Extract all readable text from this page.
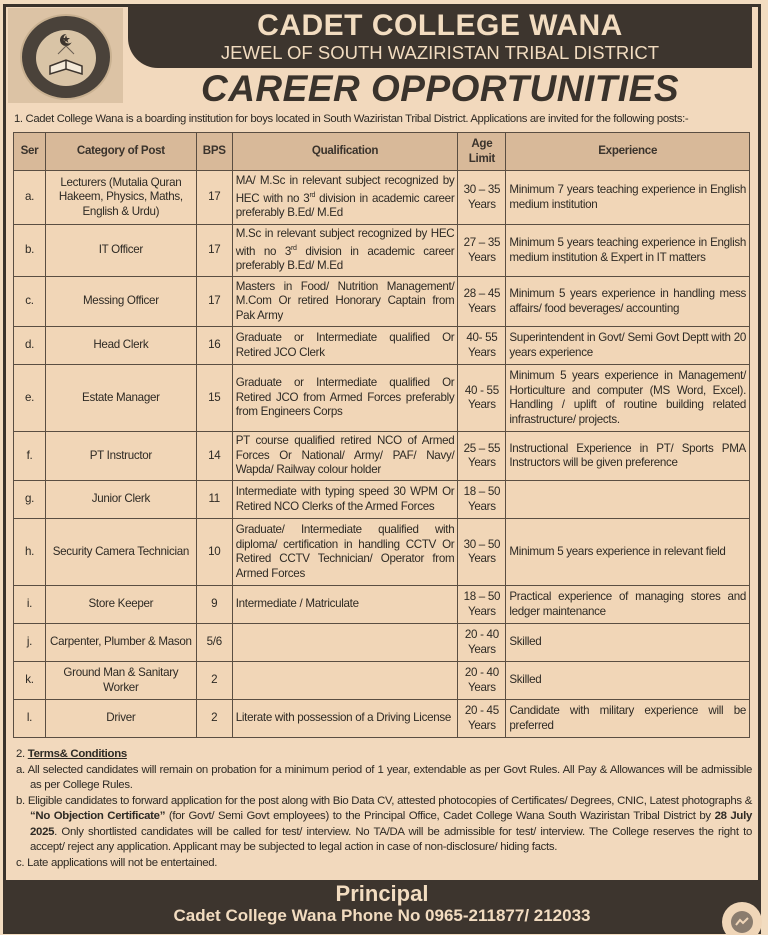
CADET COLLEGE WANA
JEWEL OF SOUTH WAZIRISTAN TRIBAL DISTRICT
CAREER OPPORTUNITIES
1. Cadet College Wana is a boarding institution for boys located in South Waziristan Tribal District. Applications are invited for the following posts:-
Ser	Category of Post	BPS	Qualification	Age Limit	Experience
a.	Lecturers (Mutalia Quran Hakeem, Physics, Maths, English & Urdu)	17	MA/ M.Sc in relevant subject recognized by HEC with no 3rd division in academic career preferably B.Ed/ M.Ed	30 – 35 Years	Minimum 7 years teaching experience in English medium institution
b.	IT Officer	17	M.Sc in relevant subject recognized by HEC with no 3rd division in academic career preferably B.Ed/ M.Ed	27 – 35 Years	Minimum 5 years teaching experience in English medium institution & Expert in IT matters
c.	Messing Officer	17	Masters in Food/ Nutrition Management/ M.Com Or retired Honorary Captain from Pak Army	28 – 45 Years	Minimum 5 years experience in handling mess affairs/ food beverages/ accounting
d.	Head Clerk	16	Graduate or Intermediate qualified Or Retired JCO Clerk	40- 55 Years	Superintendent in Govt/ Semi Govt Deptt with 20 years experience
e.	Estate Manager	15	Graduate or Intermediate qualified Or Retired JCO from Armed Forces preferably from Engineers Corps	40 - 55 Years	Minimum 5 years experience in Management/ Horticulture and computer (MS Word, Excel). Handling / uplift of routine building related infrastructure/ projects.
f.	PT Instructor	14	PT course qualified retired NCO of Armed Forces Or National/ Army/ PAF/ Navy/ Wapda/ Railway colour holder	25 – 55 Years	Instructional Experience in PT/ Sports PMA Instructors will be given preference
g.	Junior Clerk	11	Intermediate with typing speed 30 WPM Or Retired NCO Clerks of the Armed Forces	18 – 50 Years	
h.	Security Camera Technician	10	Graduate/ Intermediate qualified with diploma/ certification in handling CCTV Or Retired CCTV Technician/ Operator from Armed Forces	30 – 50 Years	Minimum 5 years experience in relevant field
i.	Store Keeper	9	Intermediate / Matriculate	18 – 50 Years	Practical experience of managing stores and ledger maintenance
j.	Carpenter, Plumber & Mason	5/6		20 - 40 Years	Skilled
k.	Ground Man & Sanitary Worker	2		20 - 40 Years	Skilled
l.	Driver	2	Literate with possession of a Driving License	20 - 45 Years	Candidate with military experience will be preferred
2. Terms& Conditions
a. All selected candidates will remain on probation for a minimum period of 1 year, extendable as per Govt Rules. All Pay & Allowances will be admissible as per College Rules.
b. Eligible candidates to forward application for the post along with Bio Data CV, attested photocopies of Certificates/ Degrees, CNIC, Latest photographs & “No Objection Certificate” (for Govt/ Semi Govt employees) to the Principal Office, Cadet College Wana South Waziristan Tribal District by 28 July 2025. Only shortlisted candidates will be called for test/ interview. No TA/DA will be admissible for test/ interview. The College reserves the right to accept/ reject any application. Applicant may be subjected to legal action in case of non-disclosure/ hiding facts.
c. Late applications will not be entertained.
Principal
Cadet College Wana Phone No 0965-211877/ 212033
